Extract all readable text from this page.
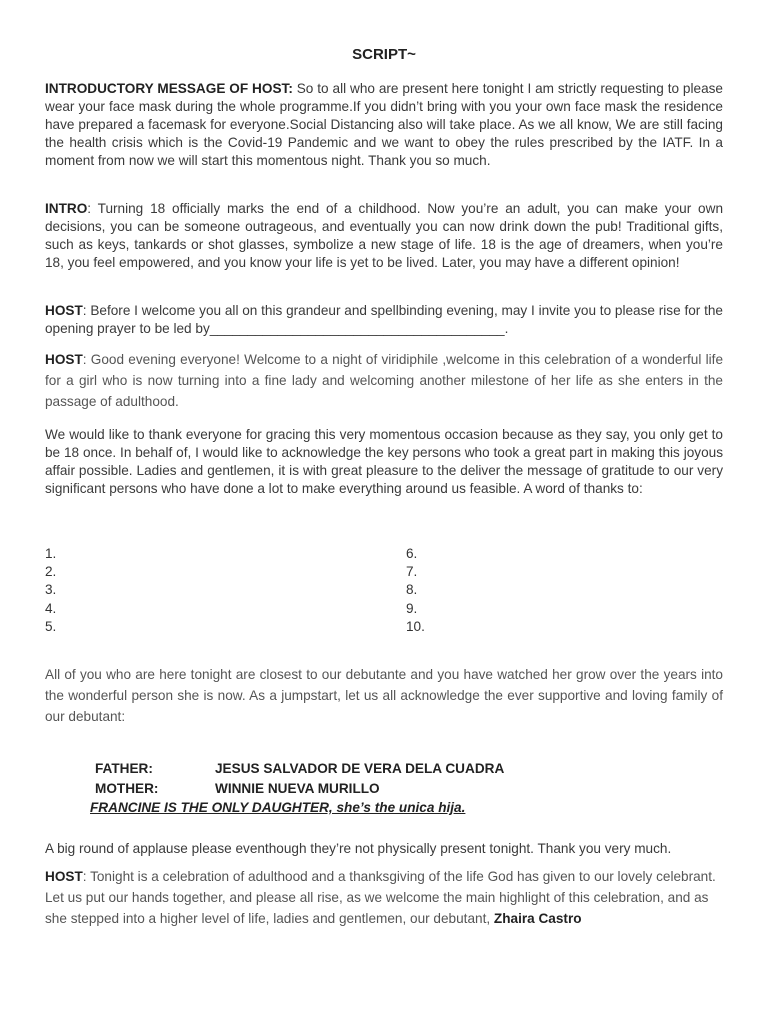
SCRIPT~
INTRODUCTORY MESSAGE OF HOST: So to all who are present here tonight I am strictly requesting to please wear your face mask during the whole programme.If you didn’t bring with you your own face mask the residence have prepared a facemask for everyone.Social Distancing also will take place. As we all know, We are still facing the health crisis which is the Covid-19 Pandemic and we want to obey the rules prescribed by the IATF. In a moment from now we will start this momentous night. Thank you so much.
INTRO: Turning 18 officially marks the end of a childhood. Now you’re an adult, you can make your own decisions, you can be someone outrageous, and eventually you can now drink down the pub! Traditional gifts, such as keys, tankards or shot glasses, symbolize a new stage of life. 18 is the age of dreamers, when you’re 18, you feel empowered, and you know your life is yet to be lived. Later, you may have a different opinion!
HOST: Before I welcome you all on this grandeur and spellbinding evening, may I invite you to please rise for the opening prayer to be led by_______________________________________.
HOST: Good evening everyone! Welcome to a night of viridiphile ,welcome in this celebration of a wonderful life for a girl who is now turning into a fine lady and welcoming another milestone of her life as she enters in the passage of adulthood.
We would like to thank everyone for gracing this very momentous occasion because as they say, you only get to be 18 once. In behalf of, I would like to acknowledge the key persons who took a great part in making this joyous affair possible. Ladies and gentlemen, it is with great pleasure to the deliver the message of gratitude to our very significant persons who have done a lot to make everything around us feasible. A word of thanks to:
1.
2.
3.
4.
5.
6.
7.
8.
9.
10.
All of you who are here tonight are closest to our debutante and you have watched her grow over the years into the wonderful person she is now. As a jumpstart, let us all acknowledge the ever supportive and loving family of our debutant:
FATHER:	JESUS SALVADOR DE VERA DELA CUADRA
MOTHER:	WINNIE NUEVA MURILLO
FRANCINE IS THE ONLY DAUGHTER, she’s the unica hija.
A big round of applause please eventhough they’re not physically present tonight. Thank you very much.
HOST: Tonight is a celebration of adulthood and a thanksgiving of the life God has given to our lovely celebrant. Let us put our hands together, and please all rise, as we welcome the main highlight of this celebration, and as she stepped into a higher level of life, ladies and gentlemen, our debutant, Zhaira Castro
